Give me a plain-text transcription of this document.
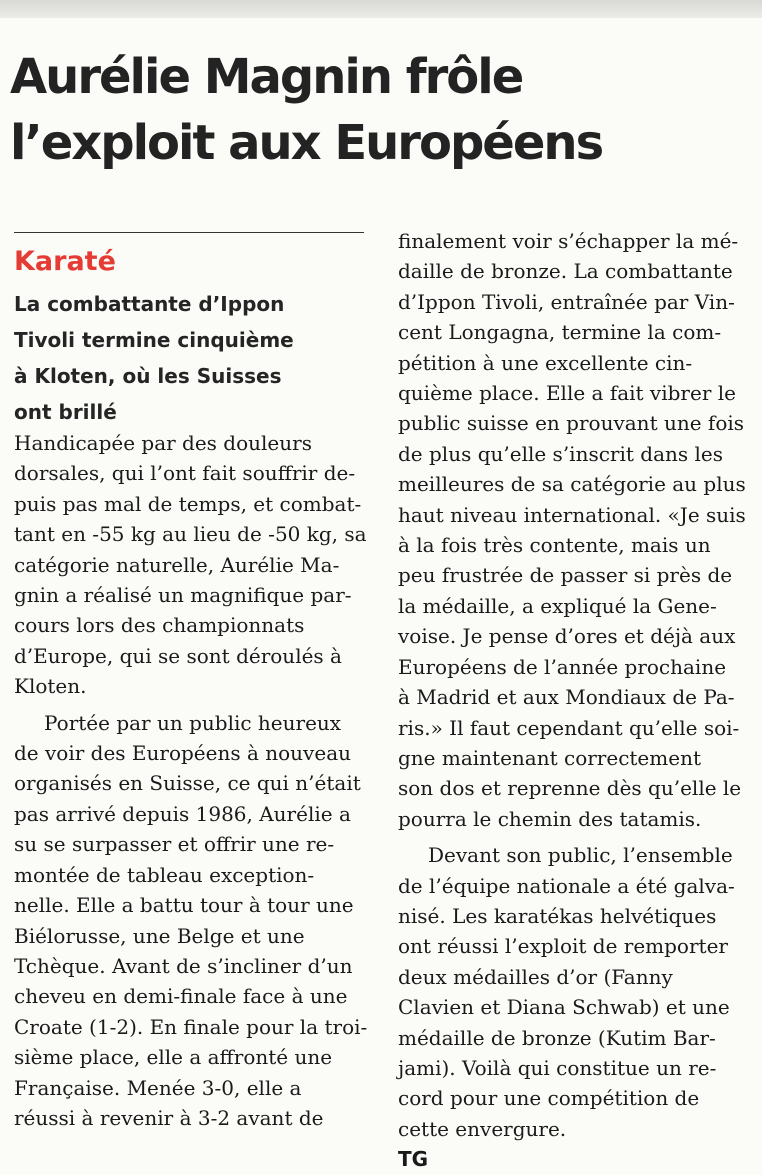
Aurélie Magnin frôle
l’exploit aux Européens
Karaté
La combattante d’Ippon
Tivoli termine cinquième
à Kloten, où les Suisses
ont brillé
Handicapée par des douleurs
dorsales, qui l’ont fait souffrir de-
puis pas mal de temps, et combat-
tant en -55 kg au lieu de -50 kg, sa
catégorie naturelle, Aurélie Ma-
gnin a réalisé un magnifique par-
cours lors des championnats
d’Europe, qui se sont déroulés à
Kloten.
Portée par un public heureux
de voir des Européens à nouveau
organisés en Suisse, ce qui n’était
pas arrivé depuis 1986, Aurélie a
su se surpasser et offrir une re-
montée de tableau exception-
nelle. Elle a battu tour à tour une
Biélorusse, une Belge et une
Tchèque. Avant de s’incliner d’un
cheveu en demi-finale face à une
Croate (1-2). En finale pour la troi-
sième place, elle a affronté une
Française. Menée 3-0, elle a
réussi à revenir à 3-2 avant de
finalement voir s’échapper la mé-
daille de bronze. La combattante
d’Ippon Tivoli, entraînée par Vin-
cent Longagna, termine la com-
pétition à une excellente cin-
quième place. Elle a fait vibrer le
public suisse en prouvant une fois
de plus qu’elle s’inscrit dans les
meilleures de sa catégorie au plus
haut niveau international. «Je suis
à la fois très contente, mais un
peu frustrée de passer si près de
la médaille, a expliqué la Gene-
voise. Je pense d’ores et déjà aux
Européens de l’année prochaine
à Madrid et aux Mondiaux de Pa-
ris.» Il faut cependant qu’elle soi-
gne maintenant correctement
son dos et reprenne dès qu’elle le
pourra le chemin des tatamis.
Devant son public, l’ensemble
de l’équipe nationale a été galva-
nisé. Les karatékas helvétiques
ont réussi l’exploit de remporter
deux médailles d’or (Fanny
Clavien et Diana Schwab) et une
médaille de bronze (Kutim Bar-
jami). Voilà qui constitue un re-
cord pour une compétition de
cette envergure.
TG
